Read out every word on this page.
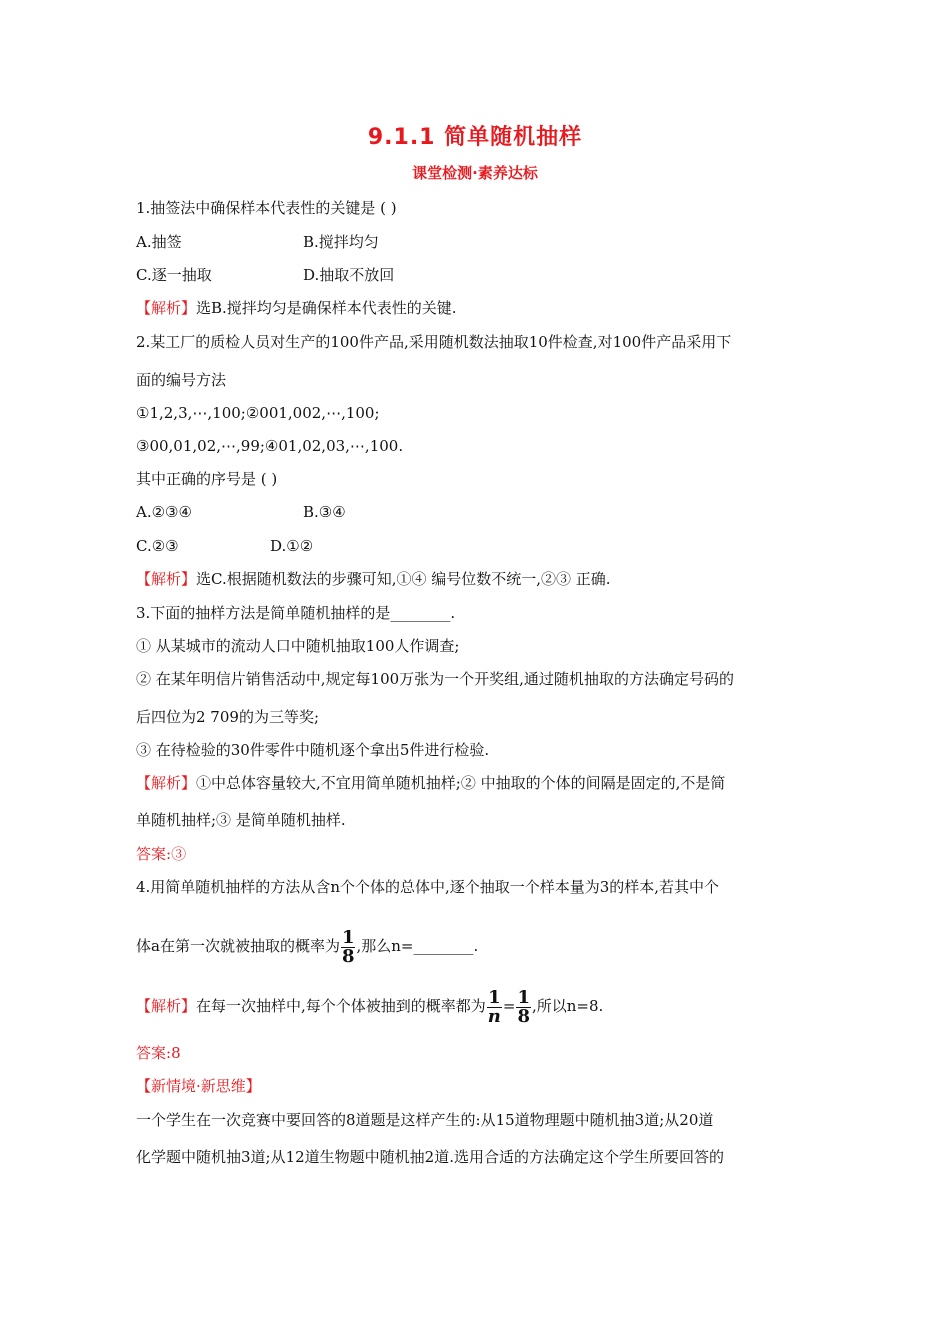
9.1.1 简单随机抽样
课堂检测·素养达标
1.抽签法中确保样本代表性的关键是 ( )
A.抽签	B.搅拌均匀
C.逐一抽取	D.抽取不放回
【解析】选B.搅拌均匀是确保样本代表性的关键.
2.某工厂的质检人员对生产的100件产品,采用随机数法抽取10件检查,对100件产品采用下
面的编号方法
①1,2,3,⋯,100;②001,002,⋯,100;
③00,01,02,⋯,99;④01,02,03,⋯,100.
其中正确的序号是 ( )
A.②③④	B.③④
C.②③	D.①②
【解析】选C.根据随机数法的步骤可知,①④ 编号位数不统一,②③ 正确.
3.下面的抽样方法是简单随机抽样的是________.
① 从某城市的流动人口中随机抽取100人作调查;
② 在某年明信片销售活动中,规定每100万张为一个开奖组,通过随机抽取的方法确定号码的
后四位为2 709的为三等奖;
③ 在待检验的30件零件中随机逐个拿出5件进行检验.
【解析】①中总体容量较大,不宜用简单随机抽样;② 中抽取的个体的间隔是固定的,不是简
单随机抽样;③ 是简单随机抽样.
答案:③
4.用简单随机抽样的方法从含n个个体的总体中,逐个抽取一个样本量为3的样本,若其中个
体a在第一次就被抽取的概率为 $\frac{1}{8}$ ,那么n=________.
【解析】在每一次抽样中,每个个体被抽到的概率都为 $\frac{1}{n} = \frac{1}{8}$ ,所以n=8.
答案:8
【新情境·新思维】
一个学生在一次竞赛中要回答的8道题是这样产生的:从15道物理题中随机抽3道;从20道
化学题中随机抽3道;从12道生物题中随机抽2道.选用合适的方法确定这个学生所要回答的
